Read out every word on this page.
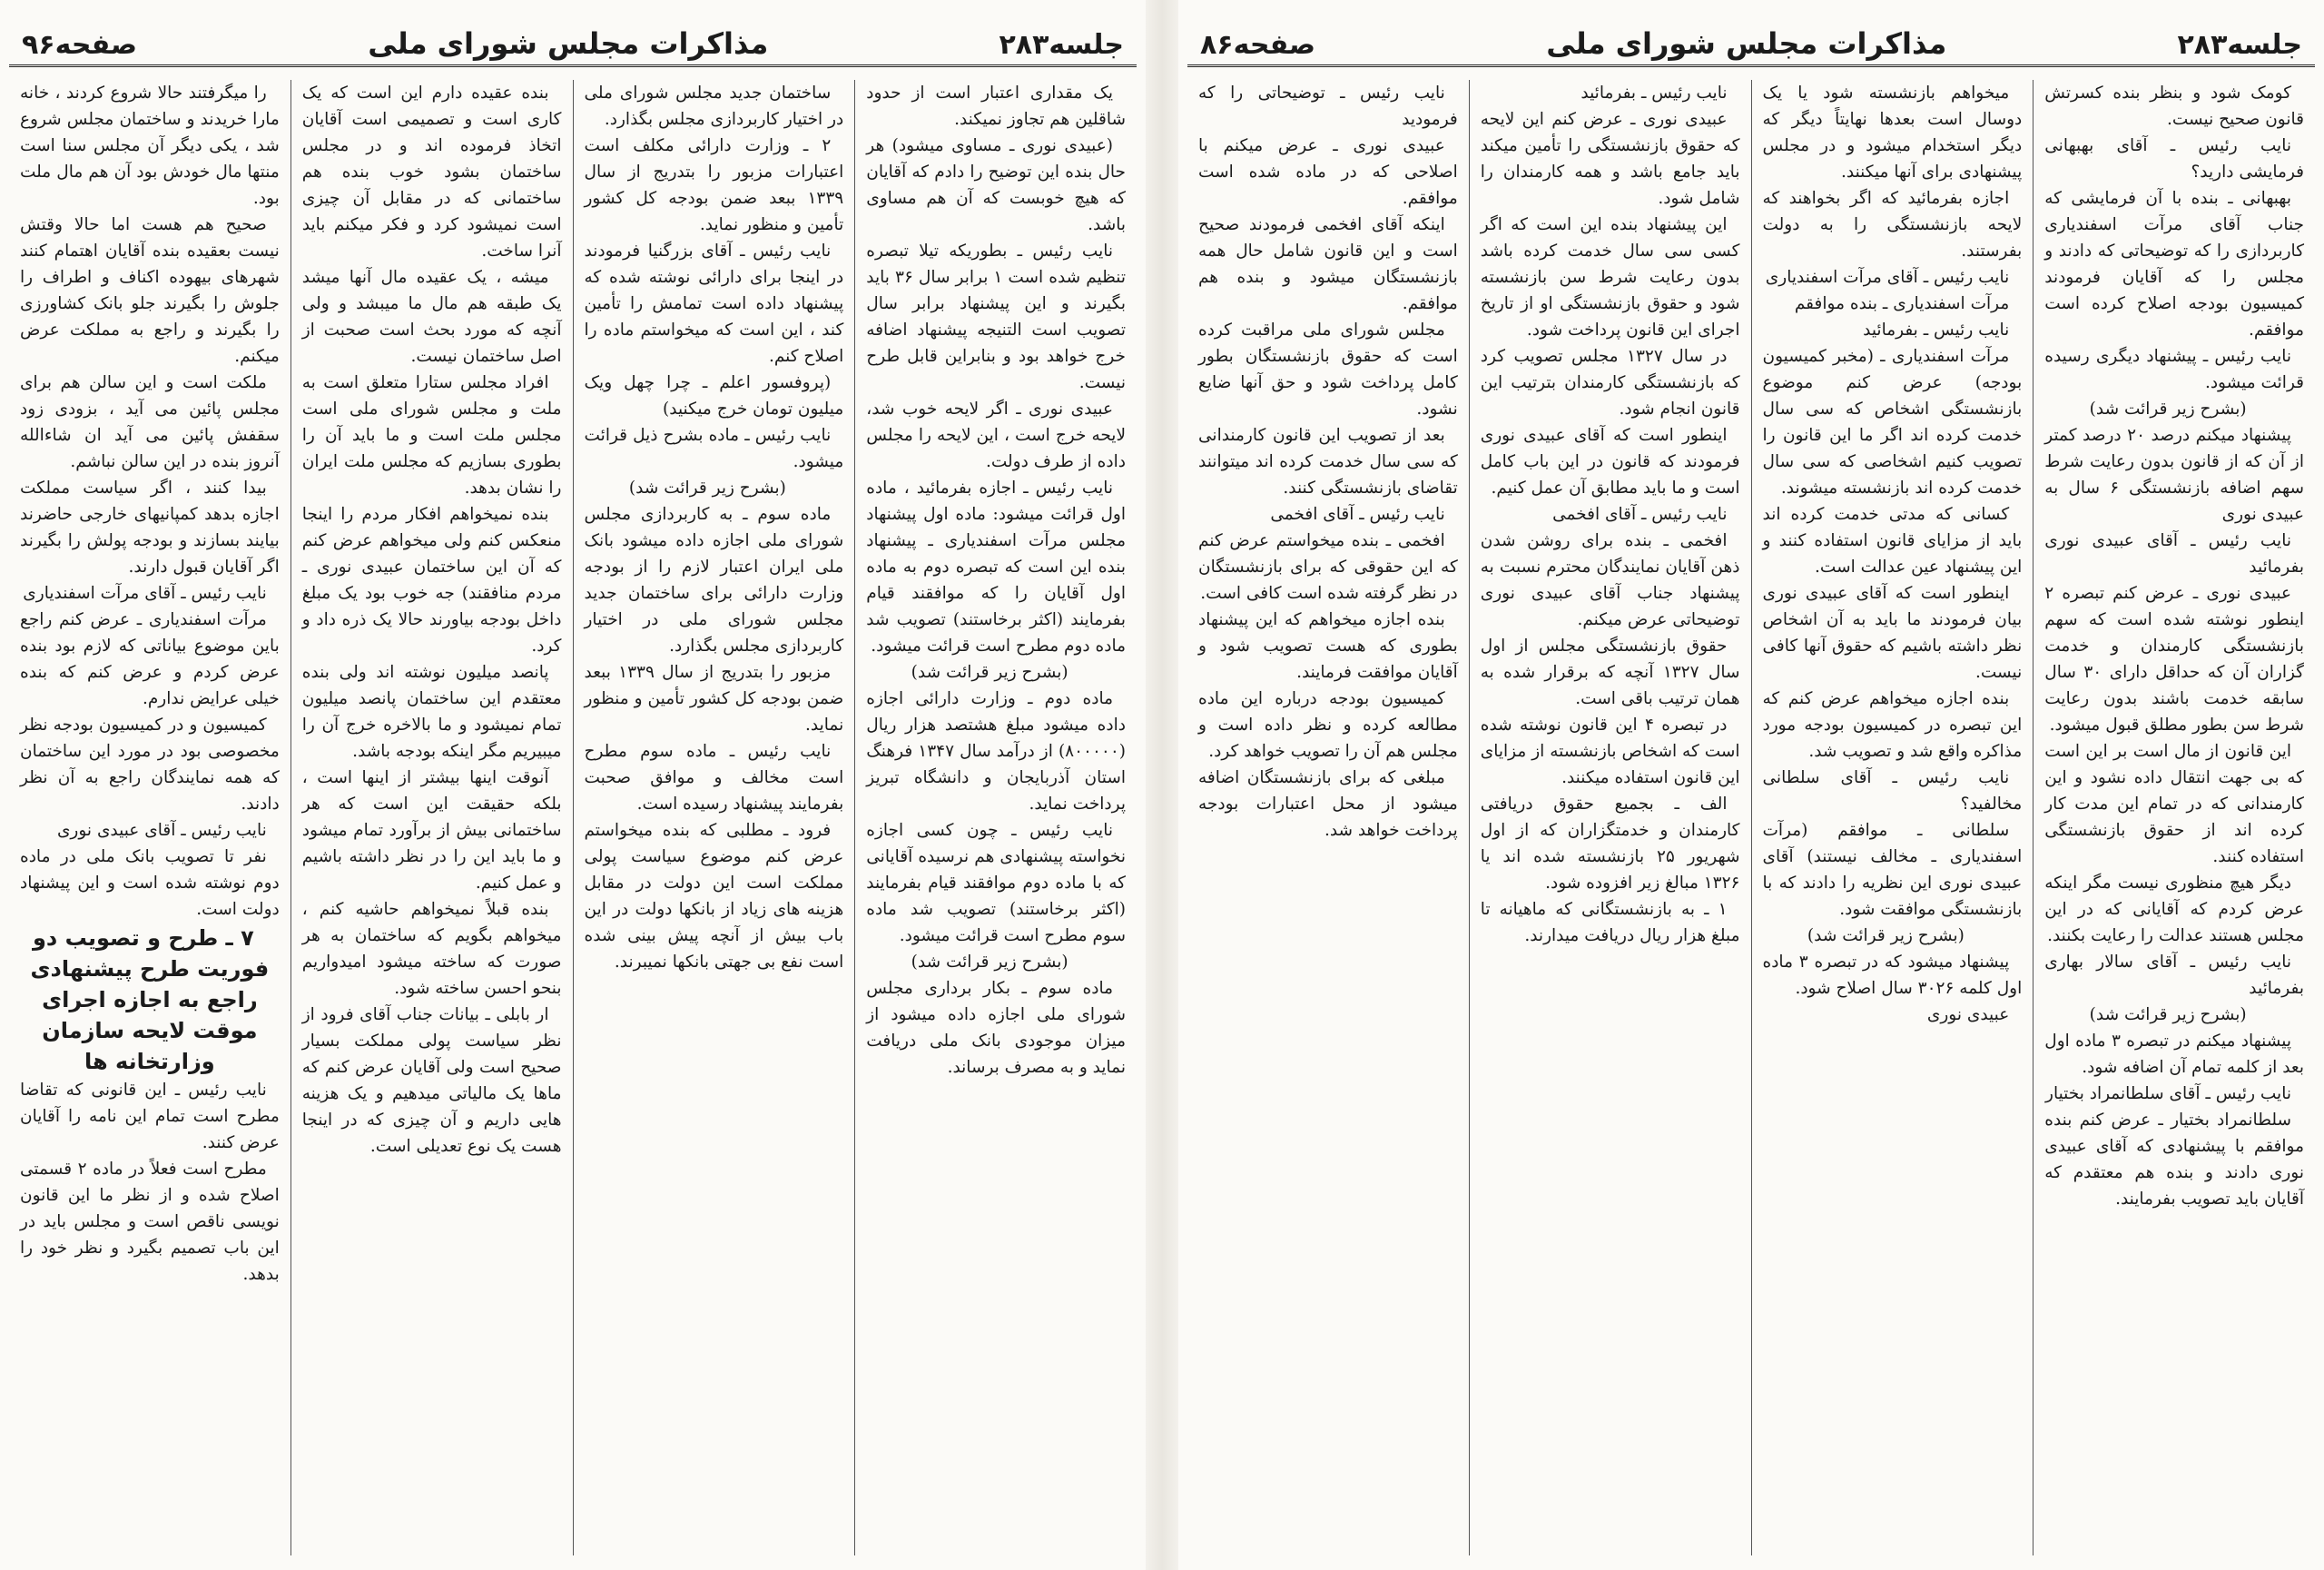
جلسه۲۸۳
مذاکرات مجلس شورای ملی
صفحه۹۶

یک مقداری اعتبار است از حدود شاقلین هم تجاوز نمیکند.

(عبیدی نوری ـ مساوی میشود) هر حال بنده این توضیح را دادم که آقایان که هیچ خوبست که آن هم مساوی باشد.

نایب رئیس ـ بطوریکه تیلا تبصره تنظیم شده است ۱ برابر سال ۳۶ باید بگیرند و این پیشنهاد برابر سال تصویب است التنیجه پیشنهاد اضافه خرج خواهد بود و بنابراین قابل طرح نیست.

عبیدی نوری ـ اگر لایحه خوب شد، لایحه خرج است ، این لایحه را مجلس داده از طرف دولت.

نایب رئیس ـ اجازه بفرمائید ، ماده اول قرائت میشود: ماده اول پیشنهاد مجلس مرآت اسفندیاری ـ پیشنهاد بنده این است که تبصره دوم به ماده اول آقایان را که موافقند قیام بفرمایند (اکثر برخاستند) تصویب شد ماده دوم مطرح است قرائت میشود.

(بشرح زیر قرائت شد)

ماده دوم ـ وزارت دارائی اجازه داده میشود مبلغ هشتصد هزار ریال (۸۰۰۰۰۰) از درآمد سال ۱۳۴۷ فرهنگ استان آذربایجان و دانشگاه تبریز پرداخت نماید.

نایب رئیس ـ چون کسی اجازه نخواسته پیشنهادی هم نرسیده آقایانی که با ماده دوم موافقند قیام بفرمایند (اکثر برخاستند) تصویب شد ماده سوم مطرح است قرائت میشود.

(بشرح زیر قرائت شد)

ماده سوم ـ بکار برداری مجلس شورای ملی اجازه داده میشود از میزان موجودی بانک ملی دریافت نماید و به مصرف برساند.

ساختمان جدید مجلس شورای ملی در اختیار کاربردازی مجلس بگذارد.

۲ ـ وزارت دارائی مکلف است اعتبارات مزبور را بتدریج از سال ۱۳۳۹ ببعد ضمن بودجه کل کشور تأمین و منظور نماید.

نایب رئیس ـ آقای بزرگنیا فرمودند در اینجا برای دارائی نوشته شده که پیشنهاد داده است تمامش را تأمین کند ، این است که میخواستم ماده را اصلاح کنم.

(پروفسور اعلم ـ چرا چهل ویک میلیون تومان خرج میکنید)

نایب رئیس ـ ماده بشرح ذیل قرائت میشود.

(بشرح زیر قرائت شد)

ماده سوم ـ به کاربردازی مجلس شورای ملی اجازه داده میشود بانک ملی ایران اعتبار لازم را از بودجه وزارت دارائی برای ساختمان جدید مجلس شورای ملی در اختیار کاربردازی مجلس بگذارد.

مزبور را بتدریج از سال ۱۳۳۹ ببعد ضمن بودجه کل کشور تأمین و منظور نماید.

نایب رئیس ـ ماده سوم مطرح است مخالف و موافق صحبت بفرمایند پیشنهاد رسیده است.

فرود ـ مطلبی که بنده میخواستم عرض کنم موضوع سیاست پولی مملکت است این دولت در مقابل هزینه های زیاد از بانکها دولت در این باب بیش از آنچه پیش بینی شده است نفع بی جهتی بانکها نمیبرند.

بنده عقیده دارم این است که یک کاری است و تصمیمی است آقایان اتخاذ فرموده اند و در مجلس ساختمان بشود خوب بنده هم ساختمانی که در مقابل آن چیزی است نمیشود کرد و فکر میکنم باید آنرا ساخت.

میشه ، یک عقیده مال آنها میشد یک طبقه هم مال ما میبشد و ولی آنچه که مورد بحث است صحبت از اصل ساختمان نیست.

افراد مجلس ستارا متعلق است به ملت و مجلس شورای ملی است مجلس ملت است و ما باید آن را بطوری بسازیم که مجلس ملت ایران را نشان بدهد.

بنده نمیخواهم افکار مردم را اینجا منعکس کنم ولی میخواهم عرض کنم که آن این ساختمان عبیدی نوری ـ مردم منافقند) جه خوب بود یک مبلغ داخل بودجه بیاورند حالا یک ذره داد و کرد.

پانصد میلیون نوشته اند ولی بنده معتقدم این ساختمان پانصد میلیون تمام نمیشود و ما بالاخره خرج آن را میبیریم مگر اینکه بودجه باشد.

آنوقت اینها بیشتر از اینها است ، بلکه حقیقت این است که هر ساختمانی بیش از برآورد تمام میشود و ما باید این را در نظر داشته باشیم و عمل کنیم.

بنده قبلاً نمیخواهم حاشیه کنم ، میخواهم بگویم که ساختمان به هر صورت که ساخته میشود امیدواریم بنحو احسن ساخته شود.

ار بابلی ـ بیانات جناب آقای فرود از نظر سیاست پولی مملکت بسیار صحیح است ولی آقایان عرض کنم که ماها یک مالیاتی میدهیم و یک هزینه هایی داریم و آن چیزی که در اینجا هست یک نوع تعدیلی است.

را میگرفتند حالا شروع کردند ، خانه مارا خریدند و ساختمان مجلس شروع شد ، یکی دیگر آن مجلس سنا است منتها مال خودش بود آن هم مال ملت بود.

صحیح هم هست اما حالا وقتش نیست بعقیده بنده آقایان اهتمام کنند شهرهای بیهوده اکناف و اطراف را جلوش را بگیرند جلو بانک کشاورزی را بگیرند و راجع به مملکت عرض میکنم.

ملکت است و این سالن هم برای مجلس پائین می آید ، بزودی زود سقفش پائین می آید ان شاءالله آنروز بنده در این سالن نباشم.

بیدا کنند ، اگر سیاست مملکت اجازه بدهد کمپانیهای خارجی حاضرند بیایند بسازند و بودجه پولش را بگیرند اگر آقایان قبول دارند.

نایب رئیس ـ آقای مرآت اسفندیاری

مرآت اسفندیاری ـ عرض کنم راجع باین موضوع بیاناتی که لازم بود بنده عرض کردم و عرض کنم که بنده خیلی عرایض ندارم.

کمیسیون و در کمیسیون بودجه نظر مخصوصی بود در مورد این ساختمان که همه نمایندگان راجع به آن نظر دادند.

نایب رئیس ـ آقای عبیدی نوری

نفر تا تصویب بانک ملی در ماده دوم نوشته شده است و این پیشنهاد دولت است.

۷ ـ طرح و تصویب دو فوریت طرح پیشنهادی راجع به اجازه اجرای موقت لایحه سازمان وزارتخانه ها

نایب رئیس ـ این قانونی که تقاضا مطرح است تمام این نامه را آقایان عرض کنند.

مطرح است فعلاً در ماده ۲ قسمتی اصلاح شده و از نظر ما این قانون نویسی ناقص است و مجلس باید در این باب تصمیم بگیرد و نظر خود را بدهد.

جلسه۲۸۳
مذاکرات مجلس شورای ملی
صفحه۸۶

کومک شود و بنظر بنده کسرتش قانون صحیح نیست.

نایب رئیس ـ آقای بهبهانی فرمایشی دارید؟

بهبهانی ـ بنده با آن فرمایشی که جناب آقای مرآت اسفندیاری کاربردازی را که توضیحاتی که دادند و مجلس را که آقایان فرمودند کمیسیون بودجه اصلاح کرده است موافقم.

نایب رئیس ـ پیشنهاد دیگری رسیده قرائت میشود.

(بشرح زیر قرائت شد)

پیشنهاد میکنم درصد ۲۰ درصد کمتر از آن که از قانون بدون رعایت شرط سهم اضافه بازنشستگی ۶ سال به عبیدی نوری

نایب رئیس ـ آقای عبیدی نوری بفرمائید

عبیدی نوری ـ عرض کنم تبصره ۲ اینطور نوشته شده است که سهم بازنشستگی کارمندان و خدمت گزاران آن که حداقل دارای ۳۰ سال سابقه خدمت باشند بدون رعایت شرط سن بطور مطلق قبول میشود.

این قانون از مال است بر این است که بی جهت انتقال داده نشود و این کارمندانی که در تمام این مدت کار کرده اند از حقوق بازنشستگی استفاده کنند.

دیگر هیچ منظوری نیست مگر اینکه عرض کردم که آقایانی که در این مجلس هستند عدالت را رعایت بکنند.

نایب رئیس ـ آقای سالار بهاری بفرمائید

(بشرح زیر قرائت شد)

پیشنهاد میکنم در تبصره ۳ ماده اول بعد از کلمه تمام آن اضافه شود.

نایب رئیس ـ آقای سلطانمراد بختیار

سلطانمراد بختیار ـ عرض کنم بنده موافقم با پیشنهادی که آقای عبیدی نوری دادند و بنده هم معتقدم که آقایان باید تصویب بفرمایند.

میخواهم بازنشسته شود یا یک دوسال است بعدها نهایتاً دیگر که دیگر استخدام میشود و در مجلس پیشنهادی برای آنها میکنند.

اجازه بفرمائید که اگر بخواهند که لایحه بازنشستگی را به دولت بفرستند.

نایب رئیس ـ آقای مرآت اسفندیاری

مرآت اسفندیاری ـ بنده موافقم

نایب رئیس ـ بفرمائید

مرآت اسفندیاری ـ (مخبر کمیسیون بودجه) عرض کنم موضوع بازنشستگی اشخاص که سی سال خدمت کرده اند اگر ما این قانون را تصویب کنیم اشخاصی که سی سال خدمت کرده اند بازنشسته میشوند.

کسانی که مدتی خدمت کرده اند باید از مزایای قانون استفاده کنند و این پیشنهاد عین عدالت است.

اینطور است که آقای عبیدی نوری بیان فرمودند ما باید به آن اشخاص نظر داشته باشیم که حقوق آنها کافی نیست.

بنده اجازه میخواهم عرض کنم که این تبصره در کمیسیون بودجه مورد مذاکره واقع شد و تصویب شد.

نایب رئیس ـ آقای سلطانی مخالفید؟

سلطانی ـ موافقم (مرآت اسفندیاری ـ مخالف نیستند) آقای عبیدی نوری این نظریه را دادند که با بازنشستگی موافقت شود.

(بشرح زیر قرائت شد)

پیشنهاد میشود که در تبصره ۳ ماده اول کلمه ۳۰۲۶ سال اصلاح شود.

عبیدی نوری

نایب رئیس ـ بفرمائید

عبیدی نوری ـ عرض کنم این لایحه که حقوق بازنشستگی را تأمین میکند باید جامع باشد و همه کارمندان را شامل شود.

این پیشنهاد بنده این است که اگر کسی سی سال خدمت کرده باشد بدون رعایت شرط سن بازنشسته شود و حقوق بازنشستگی او از تاریخ اجرای این قانون پرداخت شود.

در سال ۱۳۲۷ مجلس تصویب کرد که بازنشستگی کارمندان بترتیب این قانون انجام شود.

اینطور است که آقای عبیدی نوری فرمودند که قانون در این باب کامل است و ما باید مطابق آن عمل کنیم.

نایب رئیس ـ آقای افخمی

افخمی ـ بنده برای روشن شدن ذهن آقایان نمایندگان محترم نسبت به پیشنهاد جناب آقای عبیدی نوری توضیحاتی عرض میکنم.

حقوق بازنشستگی مجلس از اول سال ۱۳۲۷ آنچه که برقرار شده به همان ترتیب باقی است.

در تبصره ۴ این قانون نوشته شده است که اشخاص بازنشسته از مزایای این قانون استفاده میکنند.

الف ـ بجمیع حقوق دریافتی کارمندان و خدمتگزاران که از اول شهریور ۲۵ بازنشسته شده اند یا ۱۳۲۶ مبالغ زیر افزوده شود.

۱ ـ به بازنشستگانی که ماهیانه تا مبلغ هزار ریال دریافت میدارند.

نایب رئیس ـ توضیحاتی را که فرمودید

عبیدی نوری ـ عرض میکنم با اصلاحی که در ماده شده است موافقم.

اینکه آقای افخمی فرمودند صحیح است و این قانون شامل حال همه بازنشستگان میشود و بنده هم موافقم.

مجلس شورای ملی مراقبت کرده است که حقوق بازنشستگان بطور کامل پرداخت شود و حق آنها ضایع نشود.

بعد از تصویب این قانون کارمندانی که سی سال خدمت کرده اند میتوانند تقاضای بازنشستگی کنند.

نایب رئیس ـ آقای افخمی

افخمی ـ بنده میخواستم عرض کنم که این حقوقی که برای بازنشستگان در نظر گرفته شده است کافی است.

بنده اجازه میخواهم که این پیشنهاد بطوری که هست تصویب شود و آقایان موافقت فرمایند.

کمیسیون بودجه درباره این ماده مطالعه کرده و نظر داده است و مجلس هم آن را تصویب خواهد کرد.

مبلغی که برای بازنشستگان اضافه میشود از محل اعتبارات بودجه پرداخت خواهد شد.
